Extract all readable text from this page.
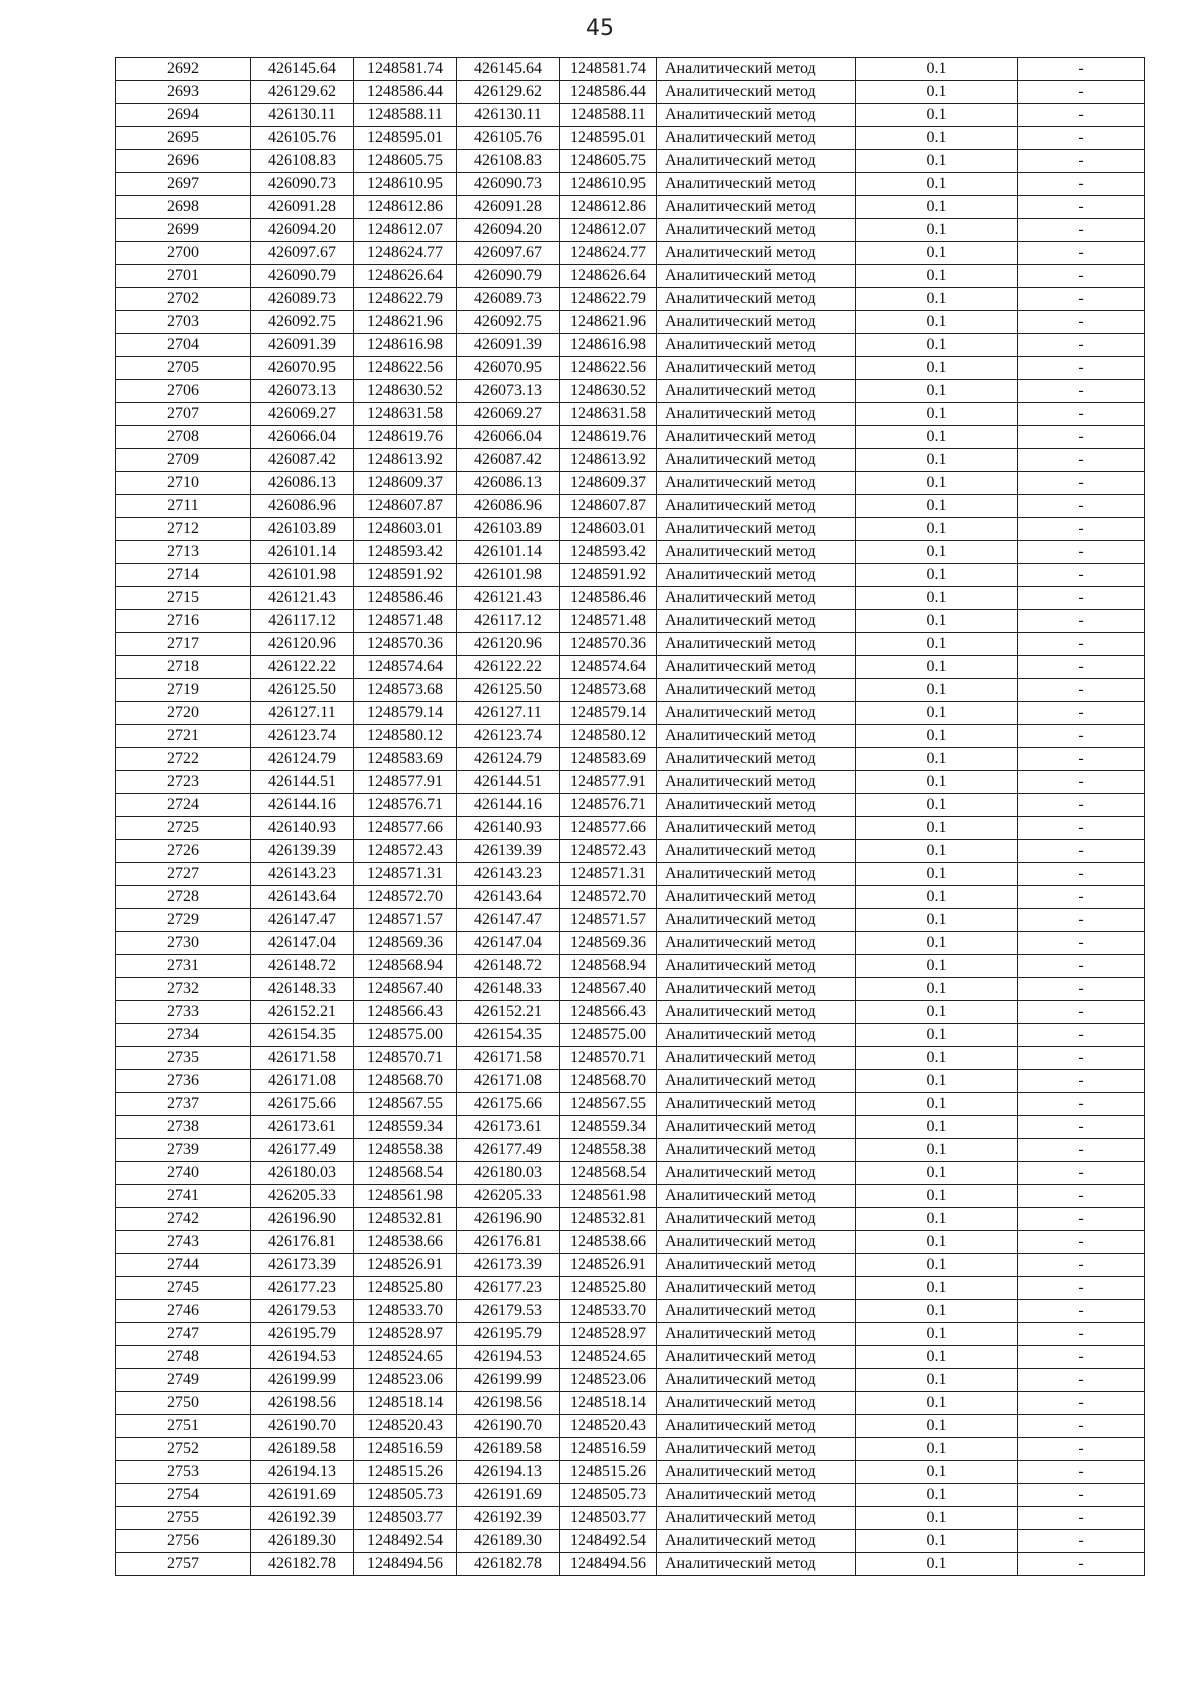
45
2692	426145.64	1248581.74	426145.64	1248581.74	Аналитический метод	0.1	-
2693	426129.62	1248586.44	426129.62	1248586.44	Аналитический метод	0.1	-
2694	426130.11	1248588.11	426130.11	1248588.11	Аналитический метод	0.1	-
2695	426105.76	1248595.01	426105.76	1248595.01	Аналитический метод	0.1	-
2696	426108.83	1248605.75	426108.83	1248605.75	Аналитический метод	0.1	-
2697	426090.73	1248610.95	426090.73	1248610.95	Аналитический метод	0.1	-
2698	426091.28	1248612.86	426091.28	1248612.86	Аналитический метод	0.1	-
2699	426094.20	1248612.07	426094.20	1248612.07	Аналитический метод	0.1	-
2700	426097.67	1248624.77	426097.67	1248624.77	Аналитический метод	0.1	-
2701	426090.79	1248626.64	426090.79	1248626.64	Аналитический метод	0.1	-
2702	426089.73	1248622.79	426089.73	1248622.79	Аналитический метод	0.1	-
2703	426092.75	1248621.96	426092.75	1248621.96	Аналитический метод	0.1	-
2704	426091.39	1248616.98	426091.39	1248616.98	Аналитический метод	0.1	-
2705	426070.95	1248622.56	426070.95	1248622.56	Аналитический метод	0.1	-
2706	426073.13	1248630.52	426073.13	1248630.52	Аналитический метод	0.1	-
2707	426069.27	1248631.58	426069.27	1248631.58	Аналитический метод	0.1	-
2708	426066.04	1248619.76	426066.04	1248619.76	Аналитический метод	0.1	-
2709	426087.42	1248613.92	426087.42	1248613.92	Аналитический метод	0.1	-
2710	426086.13	1248609.37	426086.13	1248609.37	Аналитический метод	0.1	-
2711	426086.96	1248607.87	426086.96	1248607.87	Аналитический метод	0.1	-
2712	426103.89	1248603.01	426103.89	1248603.01	Аналитический метод	0.1	-
2713	426101.14	1248593.42	426101.14	1248593.42	Аналитический метод	0.1	-
2714	426101.98	1248591.92	426101.98	1248591.92	Аналитический метод	0.1	-
2715	426121.43	1248586.46	426121.43	1248586.46	Аналитический метод	0.1	-
2716	426117.12	1248571.48	426117.12	1248571.48	Аналитический метод	0.1	-
2717	426120.96	1248570.36	426120.96	1248570.36	Аналитический метод	0.1	-
2718	426122.22	1248574.64	426122.22	1248574.64	Аналитический метод	0.1	-
2719	426125.50	1248573.68	426125.50	1248573.68	Аналитический метод	0.1	-
2720	426127.11	1248579.14	426127.11	1248579.14	Аналитический метод	0.1	-
2721	426123.74	1248580.12	426123.74	1248580.12	Аналитический метод	0.1	-
2722	426124.79	1248583.69	426124.79	1248583.69	Аналитический метод	0.1	-
2723	426144.51	1248577.91	426144.51	1248577.91	Аналитический метод	0.1	-
2724	426144.16	1248576.71	426144.16	1248576.71	Аналитический метод	0.1	-
2725	426140.93	1248577.66	426140.93	1248577.66	Аналитический метод	0.1	-
2726	426139.39	1248572.43	426139.39	1248572.43	Аналитический метод	0.1	-
2727	426143.23	1248571.31	426143.23	1248571.31	Аналитический метод	0.1	-
2728	426143.64	1248572.70	426143.64	1248572.70	Аналитический метод	0.1	-
2729	426147.47	1248571.57	426147.47	1248571.57	Аналитический метод	0.1	-
2730	426147.04	1248569.36	426147.04	1248569.36	Аналитический метод	0.1	-
2731	426148.72	1248568.94	426148.72	1248568.94	Аналитический метод	0.1	-
2732	426148.33	1248567.40	426148.33	1248567.40	Аналитический метод	0.1	-
2733	426152.21	1248566.43	426152.21	1248566.43	Аналитический метод	0.1	-
2734	426154.35	1248575.00	426154.35	1248575.00	Аналитический метод	0.1	-
2735	426171.58	1248570.71	426171.58	1248570.71	Аналитический метод	0.1	-
2736	426171.08	1248568.70	426171.08	1248568.70	Аналитический метод	0.1	-
2737	426175.66	1248567.55	426175.66	1248567.55	Аналитический метод	0.1	-
2738	426173.61	1248559.34	426173.61	1248559.34	Аналитический метод	0.1	-
2739	426177.49	1248558.38	426177.49	1248558.38	Аналитический метод	0.1	-
2740	426180.03	1248568.54	426180.03	1248568.54	Аналитический метод	0.1	-
2741	426205.33	1248561.98	426205.33	1248561.98	Аналитический метод	0.1	-
2742	426196.90	1248532.81	426196.90	1248532.81	Аналитический метод	0.1	-
2743	426176.81	1248538.66	426176.81	1248538.66	Аналитический метод	0.1	-
2744	426173.39	1248526.91	426173.39	1248526.91	Аналитический метод	0.1	-
2745	426177.23	1248525.80	426177.23	1248525.80	Аналитический метод	0.1	-
2746	426179.53	1248533.70	426179.53	1248533.70	Аналитический метод	0.1	-
2747	426195.79	1248528.97	426195.79	1248528.97	Аналитический метод	0.1	-
2748	426194.53	1248524.65	426194.53	1248524.65	Аналитический метод	0.1	-
2749	426199.99	1248523.06	426199.99	1248523.06	Аналитический метод	0.1	-
2750	426198.56	1248518.14	426198.56	1248518.14	Аналитический метод	0.1	-
2751	426190.70	1248520.43	426190.70	1248520.43	Аналитический метод	0.1	-
2752	426189.58	1248516.59	426189.58	1248516.59	Аналитический метод	0.1	-
2753	426194.13	1248515.26	426194.13	1248515.26	Аналитический метод	0.1	-
2754	426191.69	1248505.73	426191.69	1248505.73	Аналитический метод	0.1	-
2755	426192.39	1248503.77	426192.39	1248503.77	Аналитический метод	0.1	-
2756	426189.30	1248492.54	426189.30	1248492.54	Аналитический метод	0.1	-
2757	426182.78	1248494.56	426182.78	1248494.56	Аналитический метод	0.1	-
